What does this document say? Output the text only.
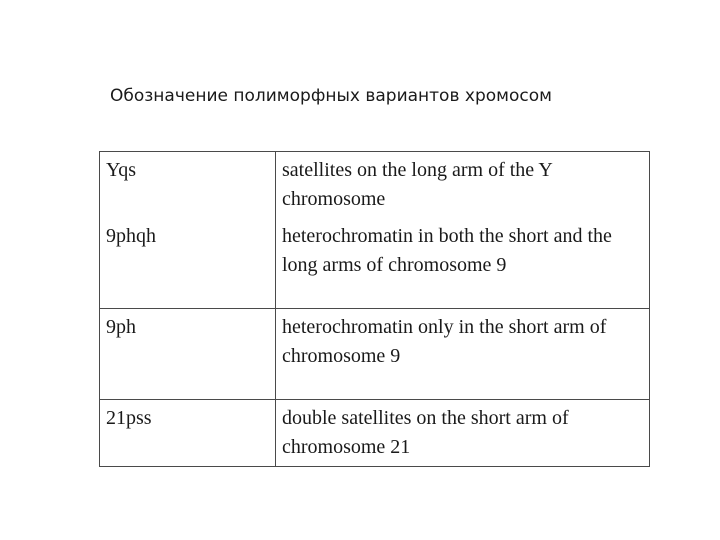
Обозначение полиморфных вариантов хромосом
Yqs	satellites on the long arm of the Y chromosome
9phqh	heterochromatin in both the short and the long arms of chromosome 9
9ph	heterochromatin only in the short arm of chromosome 9
21pss	double satellites on the short arm of chromosome 21
